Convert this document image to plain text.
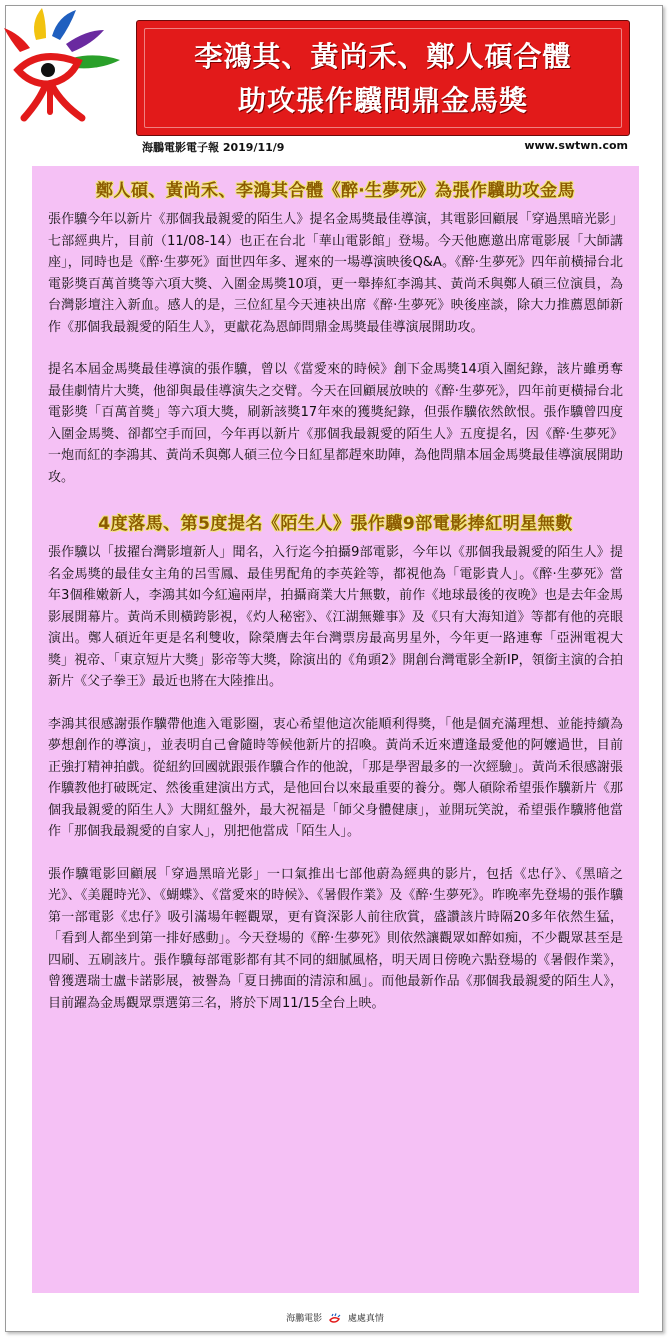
李鴻其、黃尚禾、鄭人碩合體
助攻張作驥問鼎金馬獎
海鵬電影電子報 2019/11/9	www.swtwn.com
鄭人碩、黃尚禾、李鴻其合體《醉‧生夢死》為張作驥助攻金馬

張作驥今年以新片《那個我最親愛的陌生人》提名金馬獎最佳導演，其電影回顧展「穿過黑暗光影」七部經典片，目前（11/08-14）也正在台北「華山電影館」登場。今天他應邀出席電影展「大師講座」，同時也是《醉‧生夢死》面世四年多、遲來的一場導演映後Q&A。《醉‧生夢死》四年前橫掃台北電影獎百萬首獎等六項大獎、入圍金馬獎10項，更一舉捧紅李鴻其、黃尚禾與鄭人碩三位演員，為台灣影壇注入新血。感人的是，三位紅星今天連袂出席《醉‧生夢死》映後座談，除大力推薦恩師新作《那個我最親愛的陌生人》，更獻花為恩師問鼎金馬獎最佳導演展開助攻。

提名本屆金馬獎最佳導演的張作驥，曾以《當愛來的時候》創下金馬獎14項入圍紀錄，該片雖勇奪最佳劇情片大獎，他卻與最佳導演失之交臂。今天在回顧展放映的《醉‧生夢死》，四年前更橫掃台北電影獎「百萬首獎」等六項大獎，刷新該獎17年來的獲獎紀錄，但張作驥依然飲恨。張作驥曾四度入圍金馬獎、卻都空手而回，今年再以新片《那個我最親愛的陌生人》五度提名，因《醉‧生夢死》一炮而紅的李鴻其、黃尚禾與鄭人碩三位今日紅星都趕來助陣，為他問鼎本屆金馬獎最佳導演展開助攻。

4度落馬、第5度提名《陌生人》張作驥9部電影捧紅明星無數

張作驥以「拔擢台灣影壇新人」聞名，入行迄今拍攝9部電影，今年以《那個我最親愛的陌生人》提名金馬獎的最佳女主角的呂雪鳳、最佳男配角的李英銓等，都視他為「電影貴人」。《醉‧生夢死》當年3個稚嫩新人，李鴻其如今紅遍兩岸，拍攝商業大片無數，前作《地球最後的夜晚》也是去年金馬影展開幕片。黃尚禾則橫跨影視，《灼人秘密》、《江湖無難事》及《只有大海知道》等都有他的亮眼演出。鄭人碩近年更是名利雙收，除榮膺去年台灣票房最高男星外，今年更一路連奪「亞洲電視大獎」視帝、「東京短片大獎」影帝等大獎，除演出的《角頭2》開創台灣電影全新IP，領銜主演的合拍新片《父子拳王》最近也將在大陸推出。

李鴻其很感謝張作驥帶他進入電影圈，衷心希望他這次能順利得獎，「他是個充滿理想、並能持續為夢想創作的導演」，並表明自己會隨時等候他新片的招喚。黃尚禾近來遭逢最愛他的阿嬤過世，目前正強打精神拍戲。從紐約回國就跟張作驥合作的他說，「那是學習最多的一次經驗」。黃尚禾很感謝張作驥教他打破既定、然後重建演出方式，是他回台以來最重要的養分。鄭人碩除希望張作驥新片《那個我最親愛的陌生人》大開紅盤外，最大祝福是「師父身體健康」，並開玩笑說，希望張作驥將他當作「那個我最親愛的自家人」，別把他當成「陌生人」。

張作驥電影回顧展「穿過黑暗光影」一口氣推出七部他蔚為經典的影片，包括《忠仔》、《黑暗之光》、《美麗時光》、《蝴蝶》、《當愛來的時候》、《暑假作業》及《醉‧生夢死》。昨晚率先登場的張作驥第一部電影《忠仔》吸引滿場年輕觀眾，更有資深影人前往欣賞，盛讚該片時隔20多年依然生猛，「看到人都坐到第一排好感動」。今天登場的《醉‧生夢死》則依然讓觀眾如醉如痴，不少觀眾甚至是四刷、五刷該片。張作驥每部電影都有其不同的細膩風格，明天周日傍晚六點登場的《暑假作業》，曾獲選瑞士盧卡諾影展，被譽為「夏日拂面的清涼和風」。而他最新作品《那個我最親愛的陌生人》，目前躍為金馬觀眾票選第三名，將於下周11/15全台上映。

海鵬電影	處處真情
